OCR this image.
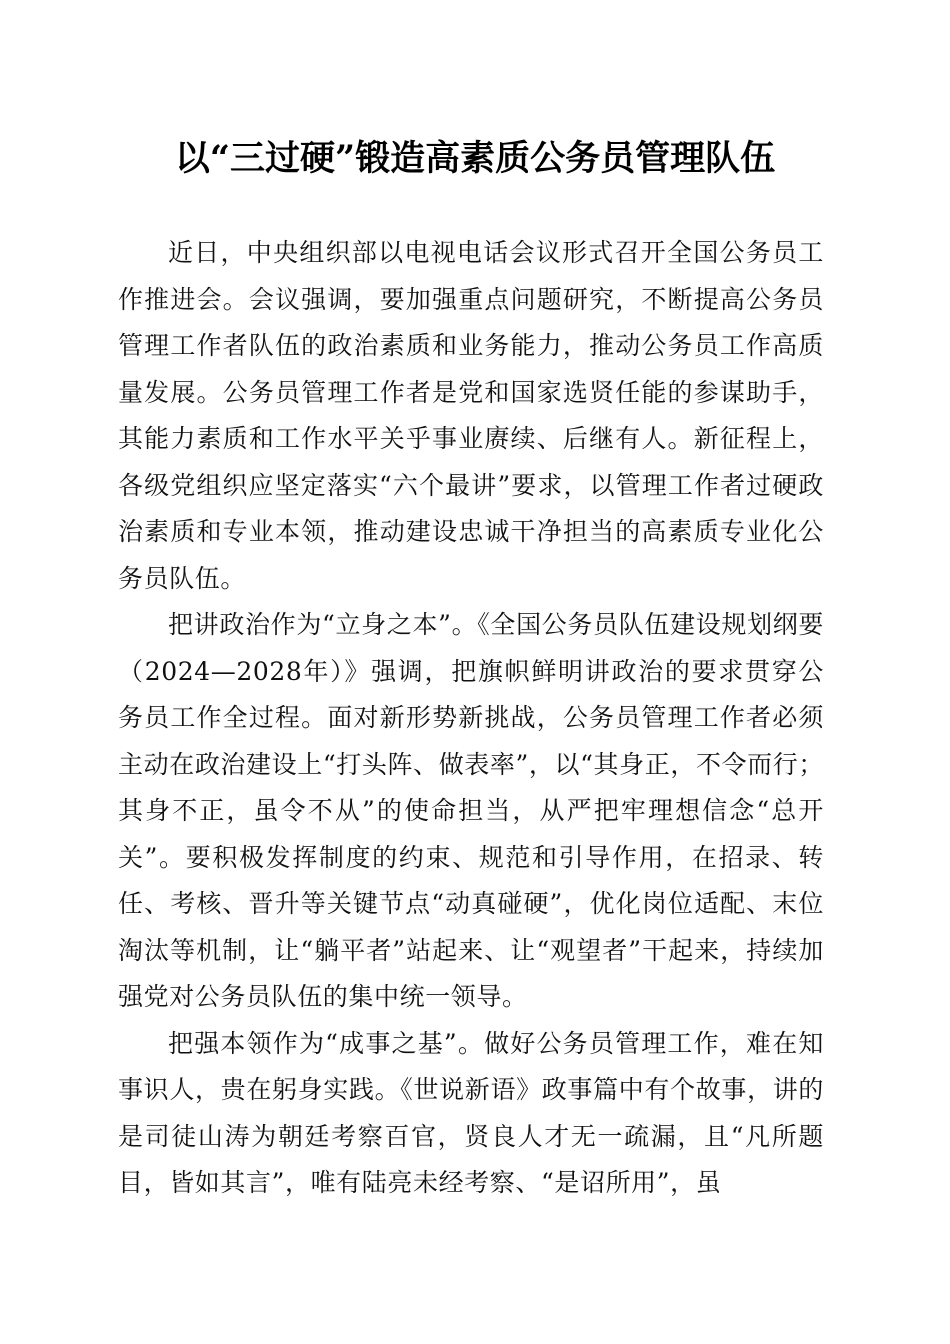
以“三过硬”锻造高素质公务员管理队伍

近日，中央组织部以电视电话会议形式召开全国公务员工作推进会。会议强调，要加强重点问题研究，不断提高公务员管理工作者队伍的政治素质和业务能力，推动公务员工作高质量发展。公务员管理工作者是党和国家选贤任能的参谋助手，其能力素质和工作水平关乎事业赓续、后继有人。新征程上，各级党组织应坚定落实“六个最讲”要求，以管理工作者过硬政治素质和专业本领，推动建设忠诚干净担当的高素质专业化公务员队伍。

把讲政治作为“立身之本”。《全国公务员队伍建设规划纲要（2024—2028年）》强调，把旗帜鲜明讲政治的要求贯穿公务员工作全过程。面对新形势新挑战，公务员管理工作者必须主动在政治建设上“打头阵、做表率”，以“其身正，不令而行；其身不正，虽令不从”的使命担当，从严把牢理想信念“总开关”。要积极发挥制度的约束、规范和引导作用，在招录、转任、考核、晋升等关键节点“动真碰硬”，优化岗位适配、末位淘汰等机制，让“躺平者”站起来、让“观望者”干起来，持续加强党对公务员队伍的集中统一领导。

把强本领作为“成事之基”。做好公务员管理工作，难在知事识人，贵在躬身实践。《世说新语》政事篇中有个故事，讲的是司徒山涛为朝廷考察百官，贤良人才无一疏漏，且“凡所题目，皆如其言”，唯有陆亮未经考察、“是诏所用”，虽
